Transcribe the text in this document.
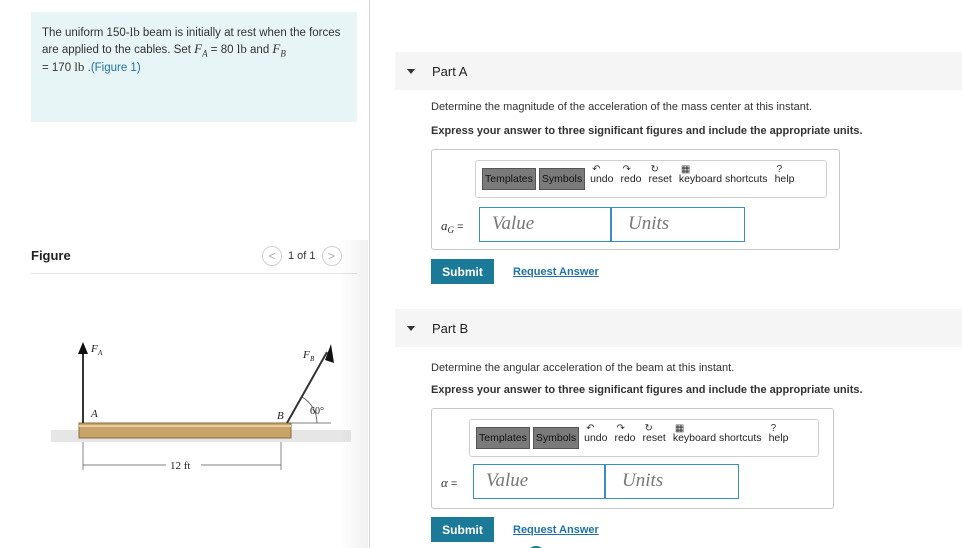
The uniform 150-lb beam is initially at rest when the forces are applied to the cables. Set $F_A = 80$ lb and $F_B$
= 170 lb .(Figure 1)
Figure	< 1 of 1 >
F A
A
F B
B	60°
12 ft
Part A
Determine the magnitude of the acceleration of the mass center at this instant.
Express your answer to three significant figures and include the appropriate units.
Templates Symbols
↶
undo
↷
redo
↻
reset
▦
keyboard shortcuts
?
help
$a_G$ =	Value	Units
Submit	Request Answer
Part B
Determine the angular acceleration of the beam at this instant.
Express your answer to three significant figures and include the appropriate units.
Templates Symbols
↶
undo
↷
redo
↻
reset
▦
keyboard shortcuts
?
help
α =	Value	Units
Submit	Request Answer
